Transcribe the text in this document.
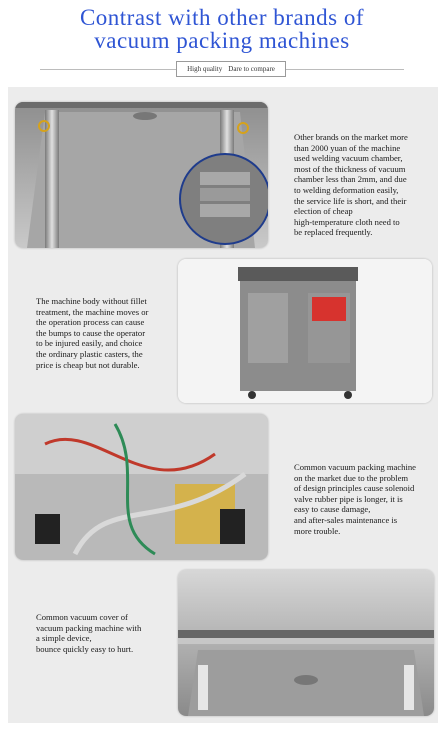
Contrast with other brands of
vacuum packing machines
High quality Dare to compare
Other brands on the market more
than 2000 yuan of the machine
used welding vacuum chamber,
most of the thickness of vacuum
chamber less than 2mm, and due
to welding deformation easily,
the service life is short, and their
election of cheap
high-temperature cloth need to
be replaced frequently.
The machine body without fillet
treatment, the machine moves or
the operation process can cause
the bumps to cause the operator
to be injured easily, and choice
the ordinary plastic casters, the
price is cheap but not durable.
Common vacuum packing machine
on the market due to the problem
of design principles cause solenoid
valve rubber pipe is longer, it is
easy to cause damage,
and after-sales maintenance is
more trouble.
Common vacuum cover of
vacuum packing machine with
a simple device,
bounce quickly easy to hurt.
